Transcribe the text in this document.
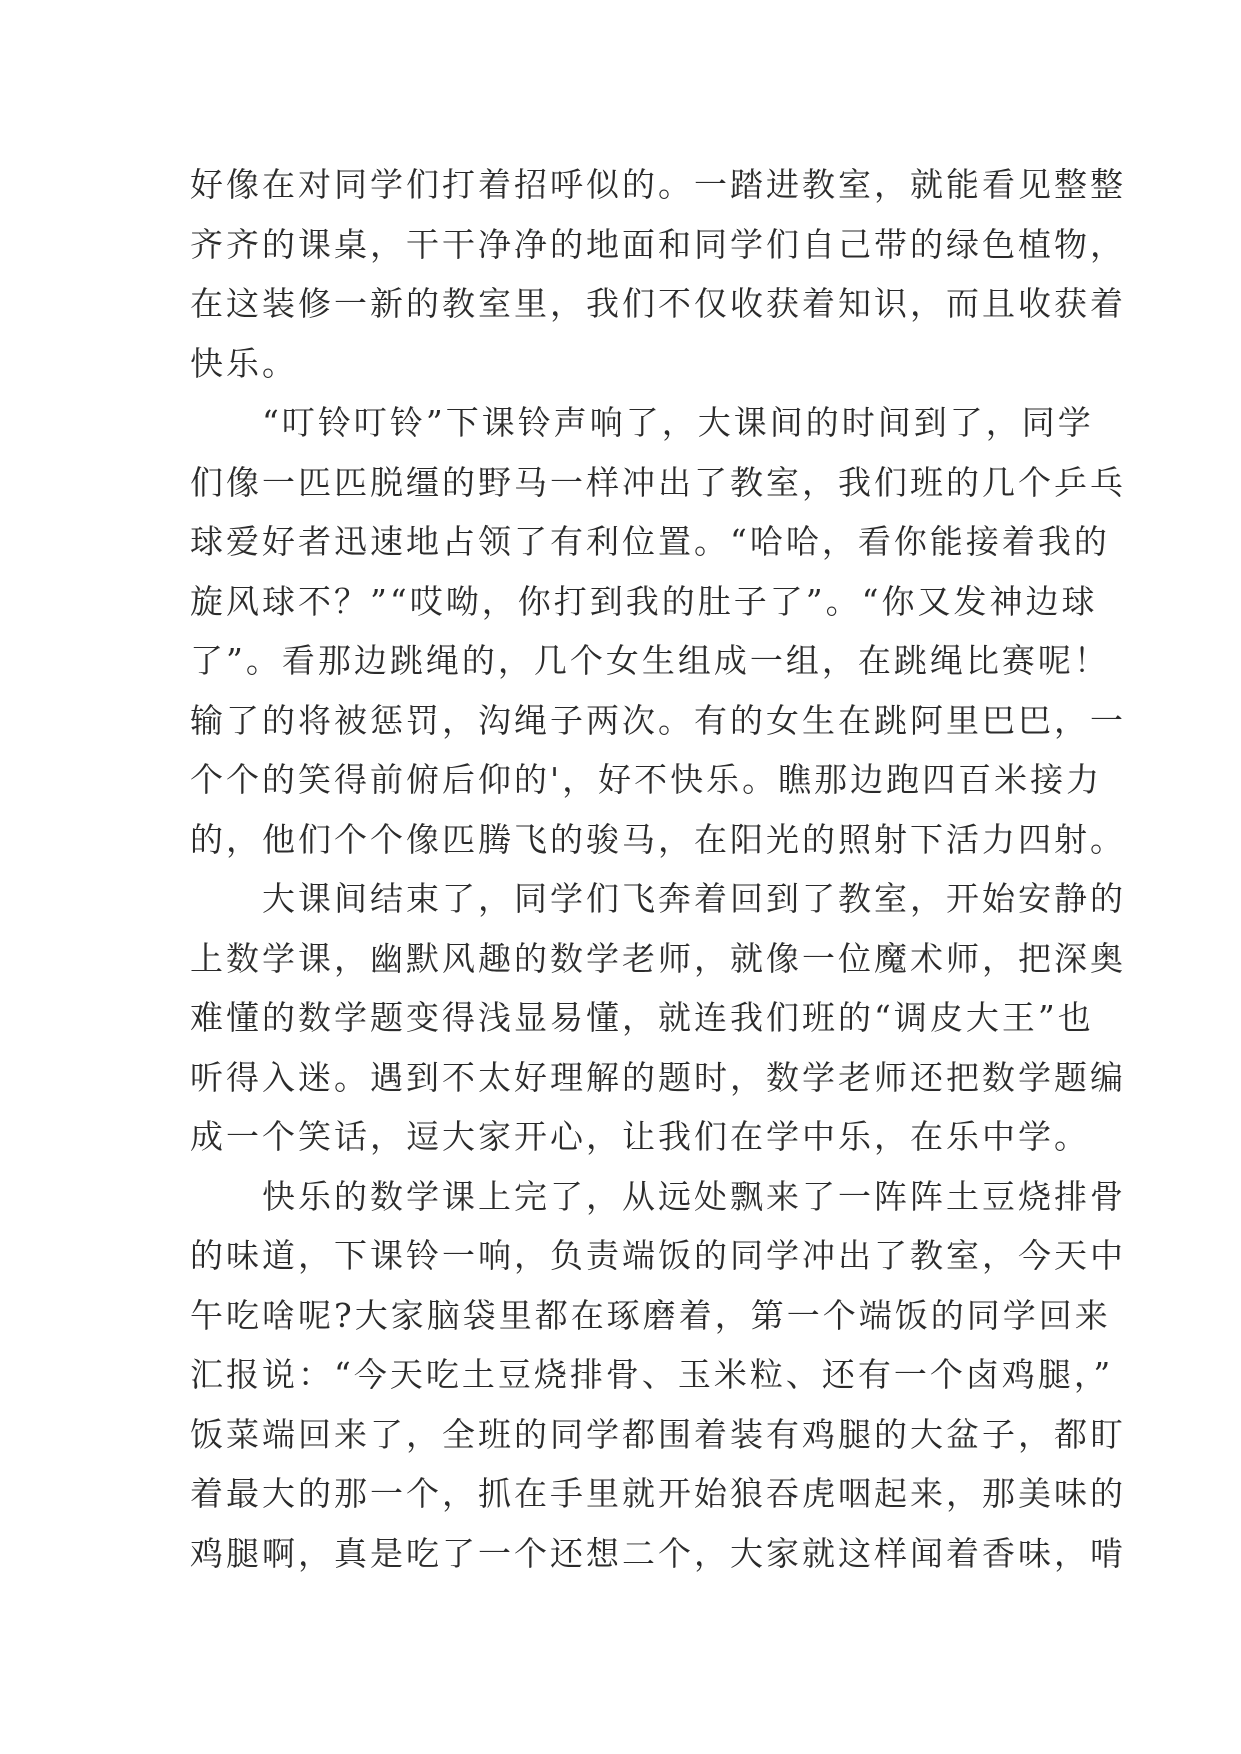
好像在对同学们打着招呼似的。一踏进教室，就能看见整整
齐齐的课桌，干干净净的地面和同学们自己带的绿色植物，
在这装修一新的教室里，我们不仅收获着知识，而且收获着
快乐。
　　“叮铃叮铃”下课铃声响了，大课间的时间到了，同学
们像一匹匹脱缰的野马一样冲出了教室，我们班的几个乒乓
球爱好者迅速地占领了有利位置。“哈哈，看你能接着我的
旋风球不？”“哎呦，你打到我的肚子了”。“你又发神边球
了”。看那边跳绳的，几个女生组成一组，在跳绳比赛呢！
输了的将被惩罚，沟绳子两次。有的女生在跳阿里巴巴，一
个个的笑得前俯后仰的'，好不快乐。瞧那边跑四百米接力
的，他们个个像匹腾飞的骏马，在阳光的照射下活力四射。
　　大课间结束了，同学们飞奔着回到了教室，开始安静的
上数学课，幽默风趣的数学老师，就像一位魔术师，把深奥
难懂的数学题变得浅显易懂，就连我们班的“调皮大王”也
听得入迷。遇到不太好理解的题时，数学老师还把数学题编
成一个笑话，逗大家开心，让我们在学中乐，在乐中学。
　　快乐的数学课上完了，从远处飘来了一阵阵土豆烧排骨
的味道，下课铃一响，负责端饭的同学冲出了教室，今天中
午吃啥呢?大家脑袋里都在琢磨着，第一个端饭的同学回来
汇报说：“今天吃土豆烧排骨、玉米粒、还有一个卤鸡腿，”
饭菜端回来了，全班的同学都围着装有鸡腿的大盆子，都盯
着最大的那一个，抓在手里就开始狼吞虎咽起来，那美味的
鸡腿啊，真是吃了一个还想二个，大家就这样闻着香味，啃
